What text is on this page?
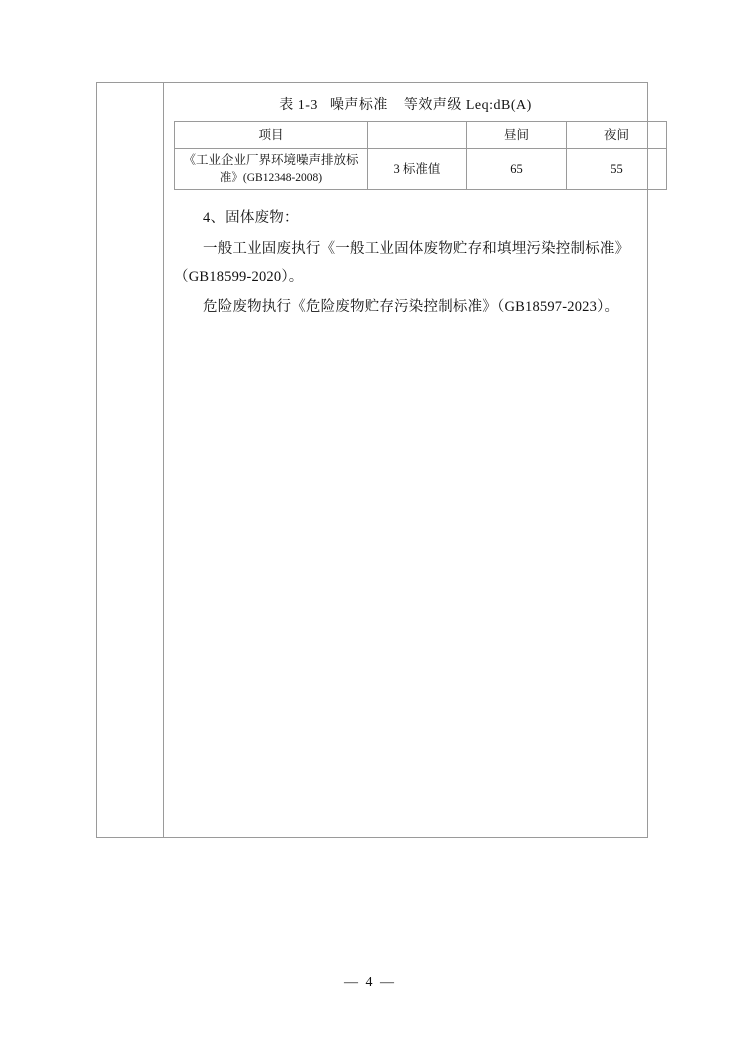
表 1-3   噪声标准    等效声级 Leq:dB(A)
项目		昼间	夜间
《工业企业厂界环境噪声排放标
准》(GB12348-2008)	3 标准值	65	55

4、固体废物：

一般工业固废执行《一般工业固体废物贮存和填埋污染控制标准》

（GB18599-2020）。

危险废物执行《危险废物贮存污染控制标准》（GB18597-2023）。

— 4 —
